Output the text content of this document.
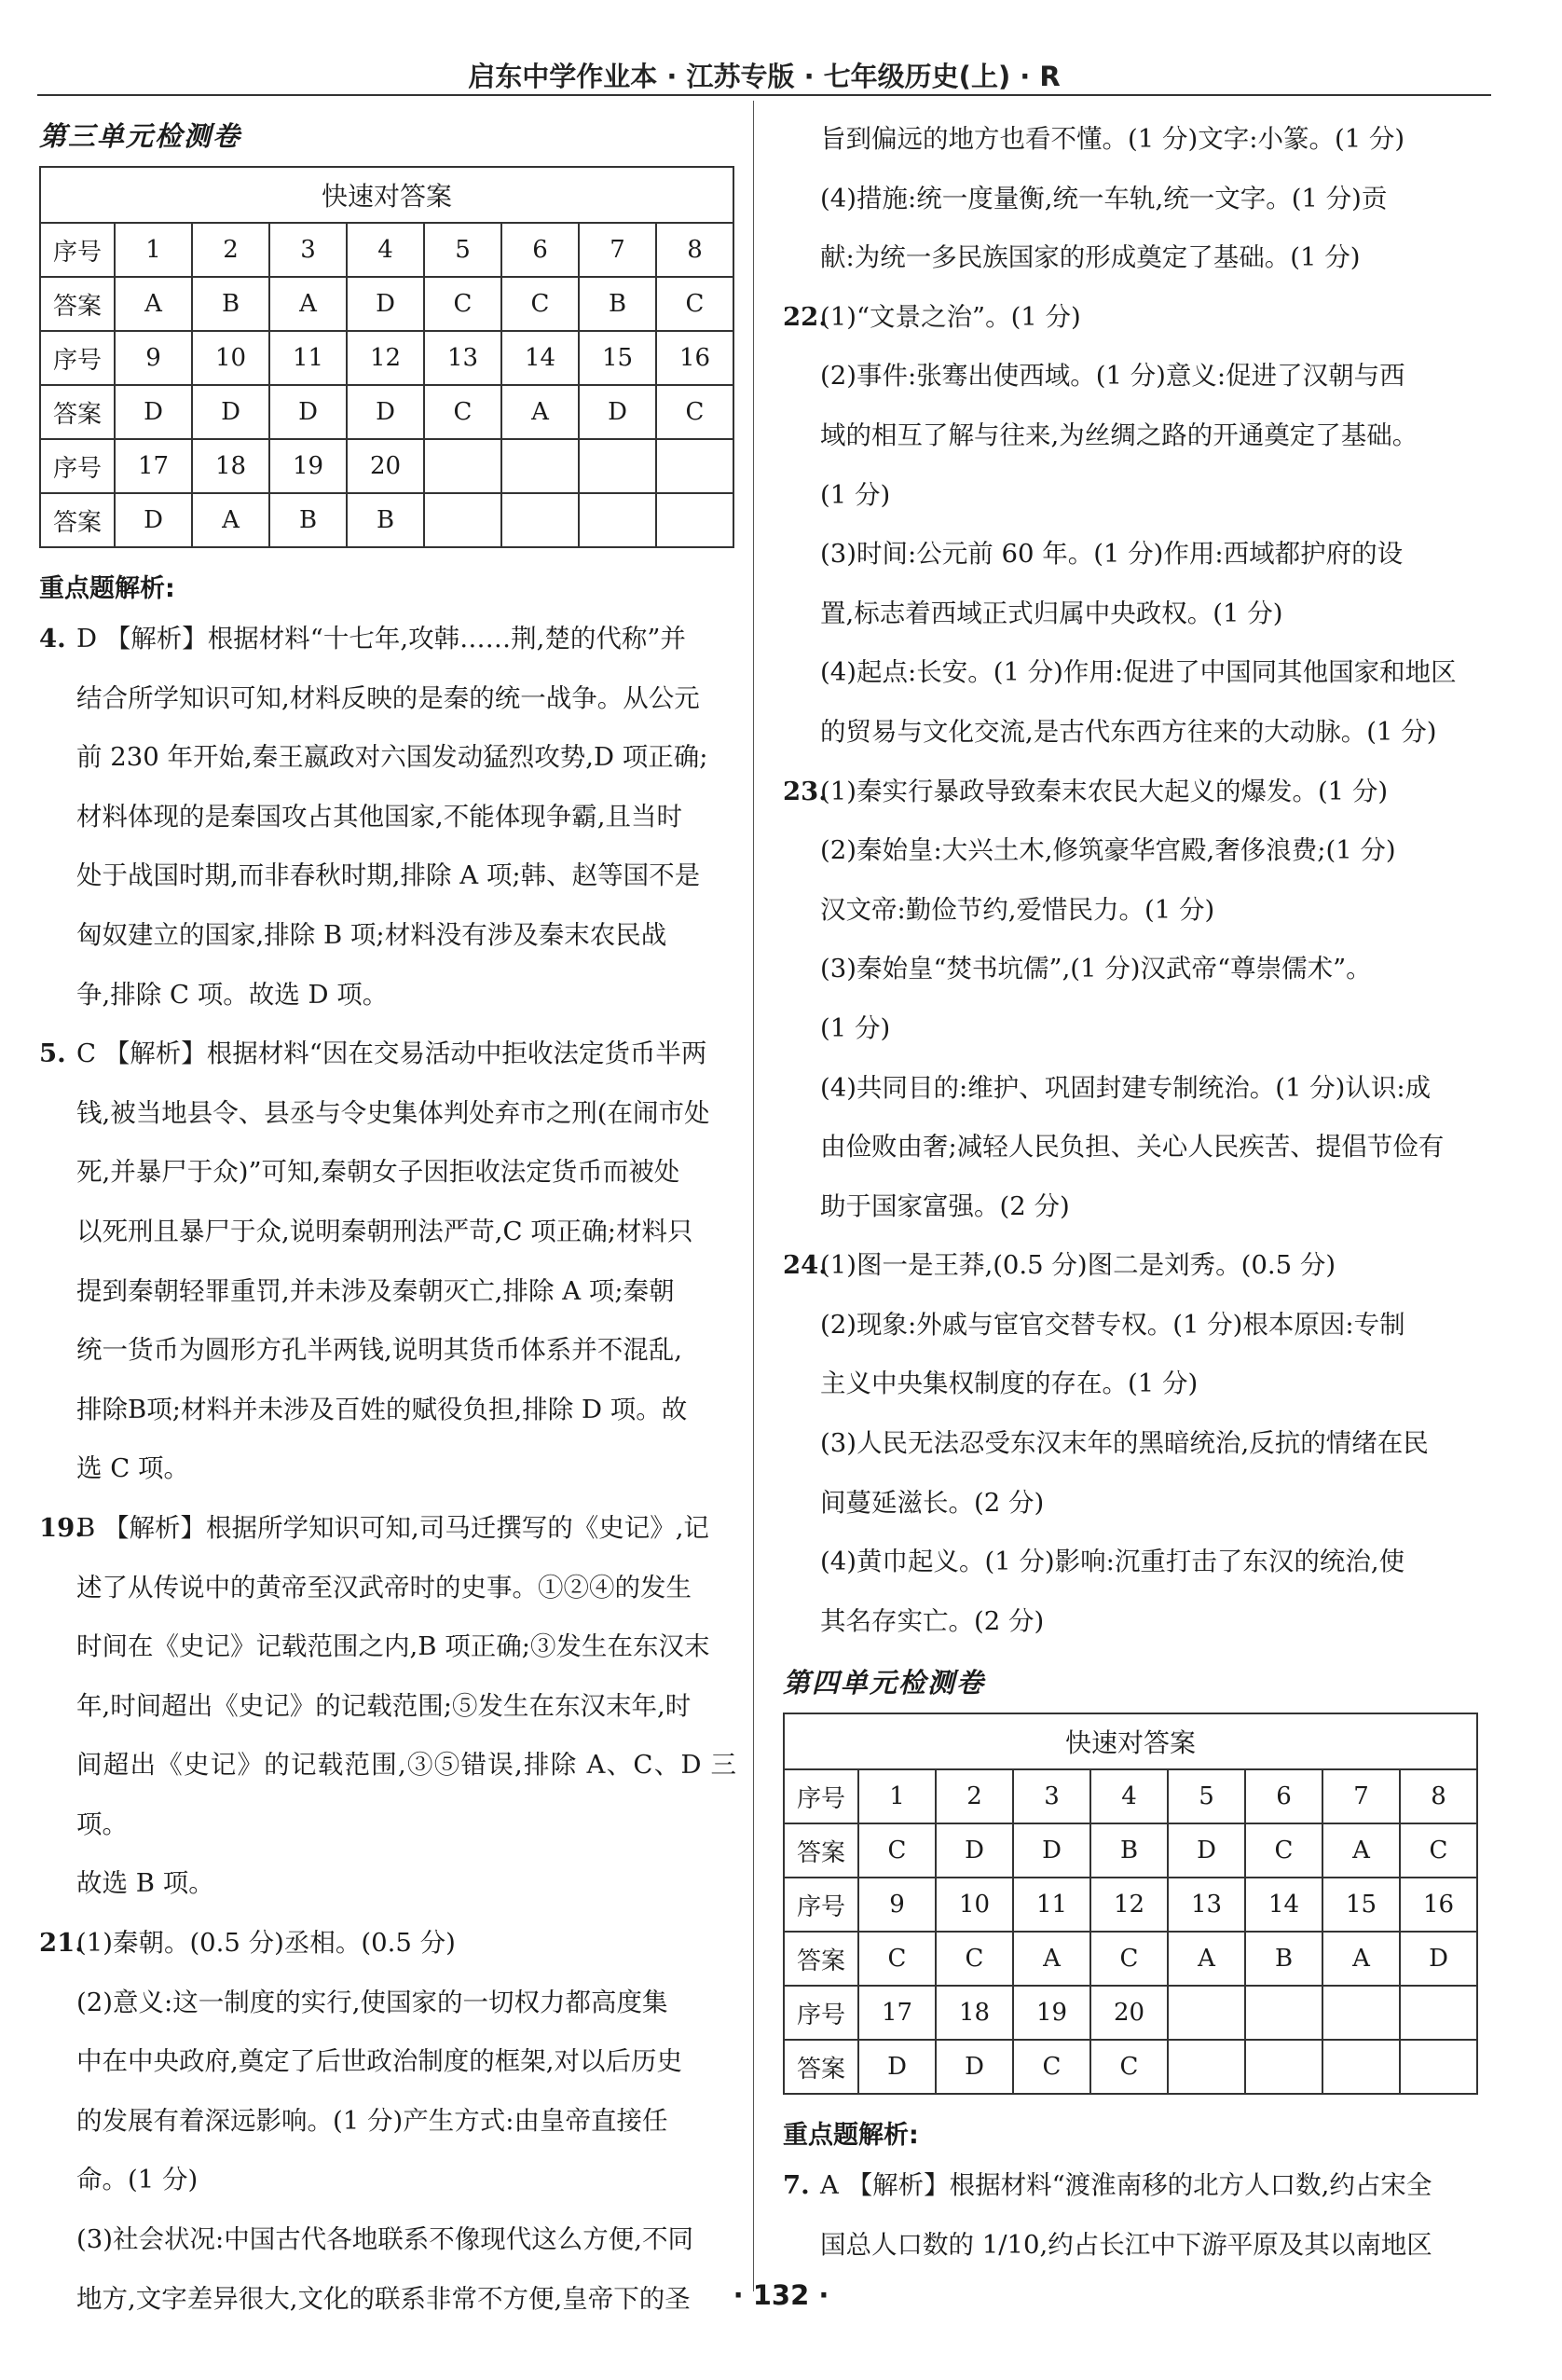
启东中学作业本 · 江苏专版 · 七年级历史(上) · R
第三单元检测卷
快速对答案								
序号	1	2	3	4	5	6	7	8
答案	A	B	A	D	C	C	B	C
序号	9	10	11	12	13	14	15	16
答案	D	D	D	D	C	A	D	C
序号	17	18	19	20				
答案	D	A	B	B				
重点题解析:
4. D 【解析】根据材料“十七年,攻韩……荆,楚的代称”并
结合所学知识可知,材料反映的是秦的统一战争。从公元
前 230 年开始,秦王嬴政对六国发动猛烈攻势,D 项正确;
材料体现的是秦国攻占其他国家,不能体现争霸,且当时
处于战国时期,而非春秋时期,排除 A 项;韩、赵等国不是
匈奴建立的国家,排除 B 项;材料没有涉及秦末农民战
争,排除 C 项。故选 D 项。
5. C 【解析】根据材料“因在交易活动中拒收法定货币半两
钱,被当地县令、县丞与令史集体判处弃市之刑(在闹市处
死,并暴尸于众)”可知,秦朝女子因拒收法定货币而被处
以死刑且暴尸于众,说明秦朝刑法严苛,C 项正确;材料只
提到秦朝轻罪重罚,并未涉及秦朝灭亡,排除 A 项;秦朝
统一货币为圆形方孔半两钱,说明其货币体系并不混乱,
排除B项;材料并未涉及百姓的赋役负担,排除 D 项。故
选 C 项。
19.B 【解析】根据所学知识可知,司马迁撰写的《史记》,记
述了从传说中的黄帝至汉武帝时的史事。①②④的发生
时间在《史记》记载范围之内,B 项正确;③发生在东汉末
年,时间超出《史记》的记载范围;⑤发生在东汉末年,时
间超出《史记》的记载范围,③⑤错误,排除 A、C、D 三项。
故选 B 项。
21.(1)秦朝。(0.5 分)丞相。(0.5 分)
(2)意义:这一制度的实行,使国家的一切权力都高度集
中在中央政府,奠定了后世政治制度的框架,对以后历史
的发展有着深远影响。(1 分)产生方式:由皇帝直接任
命。(1 分)
(3)社会状况:中国古代各地联系不像现代这么方便,不同
地方,文字差异很大,文化的联系非常不方便,皇帝下的圣
旨到偏远的地方也看不懂。(1 分)文字:小篆。(1 分)
(4)措施:统一度量衡,统一车轨,统一文字。(1 分)贡
献:为统一多民族国家的形成奠定了基础。(1 分)
22.(1)“文景之治”。(1 分)
(2)事件:张骞出使西域。(1 分)意义:促进了汉朝与西
域的相互了解与往来,为丝绸之路的开通奠定了基础。
(1 分)
(3)时间:公元前 60 年。(1 分)作用:西域都护府的设
置,标志着西域正式归属中央政权。(1 分)
(4)起点:长安。(1 分)作用:促进了中国同其他国家和地区
的贸易与文化交流,是古代东西方往来的大动脉。(1 分)
23.(1)秦实行暴政导致秦末农民大起义的爆发。(1 分)
(2)秦始皇:大兴土木,修筑豪华宫殿,奢侈浪费;(1 分)
汉文帝:勤俭节约,爱惜民力。(1 分)
(3)秦始皇“焚书坑儒”,(1 分)汉武帝“尊崇儒术”。
(1 分)
(4)共同目的:维护、巩固封建专制统治。(1 分)认识:成
由俭败由奢;减轻人民负担、关心人民疾苦、提倡节俭有
助于国家富强。(2 分)
24.(1)图一是王莽,(0.5 分)图二是刘秀。(0.5 分)
(2)现象:外戚与宦官交替专权。(1 分)根本原因:专制
主义中央集权制度的存在。(1 分)
(3)人民无法忍受东汉末年的黑暗统治,反抗的情绪在民
间蔓延滋长。(2 分)
(4)黄巾起义。(1 分)影响:沉重打击了东汉的统治,使
其名存实亡。(2 分)
第四单元检测卷
快速对答案								
序号	1	2	3	4	5	6	7	8
答案	C	D	D	B	D	C	A	C
序号	9	10	11	12	13	14	15	16
答案	C	C	A	C	A	B	A	D
序号	17	18	19	20				
答案	D	D	C	C				
重点题解析:
7. A 【解析】根据材料“渡淮南移的北方人口数,约占宋全
国总人口数的 1/10,约占长江中下游平原及其以南地区
· 132 ·
